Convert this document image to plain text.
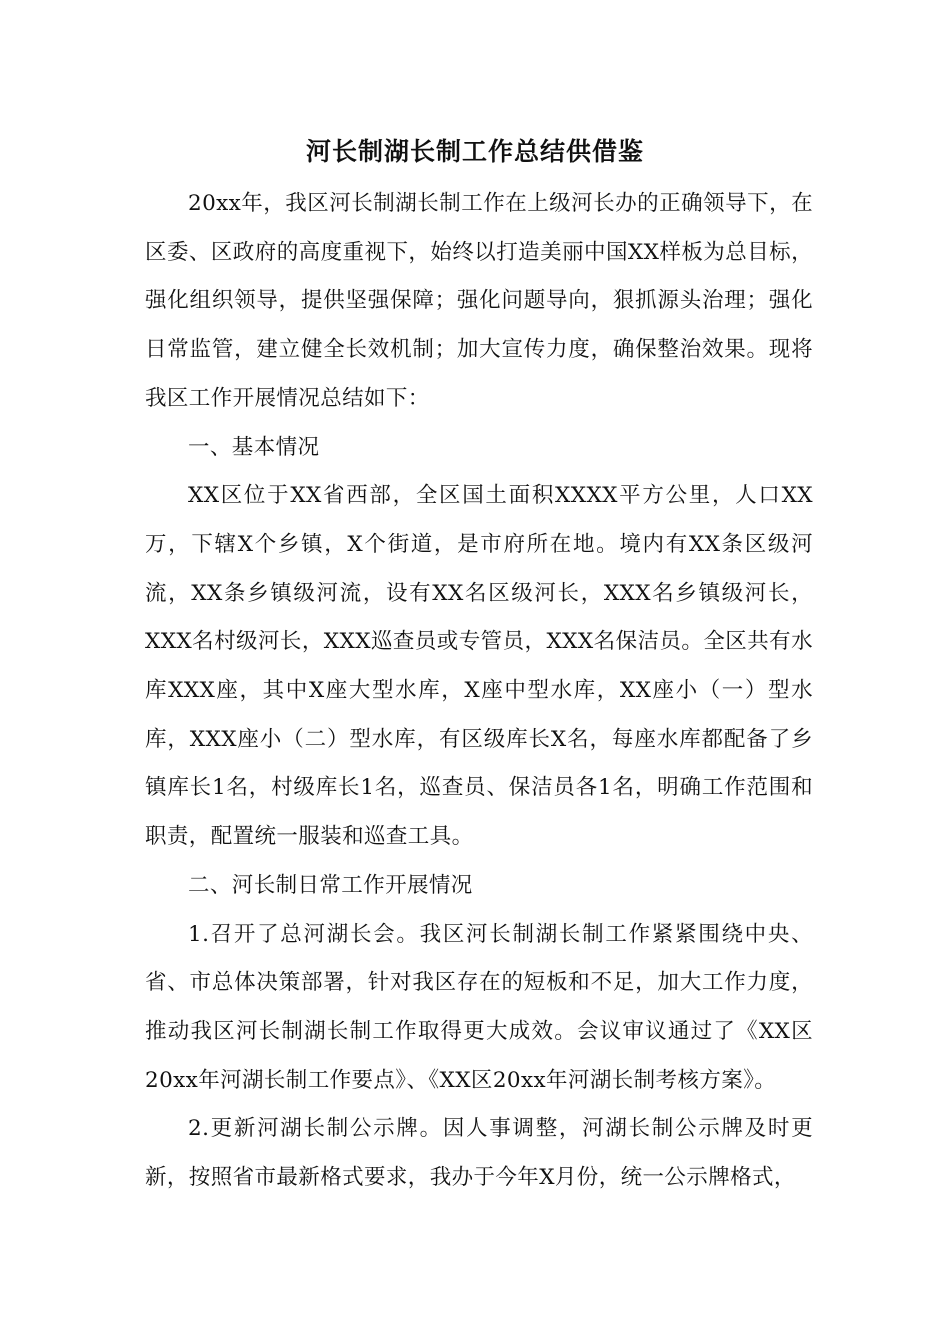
河长制湖长制工作总结供借鉴

20xx年，我区河长制湖长制工作在上级河长办的正确领导下，在区委、区政府的高度重视下，始终以打造美丽中国XX样板为总目标，强化组织领导，提供坚强保障；强化问题导向，狠抓源头治理；强化日常监管，建立健全长效机制；加大宣传力度，确保整治效果。现将我区工作开展情况总结如下：

一、基本情况

XX区位于XX省西部，全区国土面积XXXX平方公里，人口XX万，下辖X个乡镇，X个街道，是市府所在地。境内有XX条区级河流，XX条乡镇级河流，设有XX名区级河长，XXX名乡镇级河长，XXX名村级河长，XXX巡查员或专管员，XXX名保洁员。全区共有水库XXX座，其中X座大型水库，X座中型水库，XX座小（一）型水库，XXX座小（二）型水库，有区级库长X名，每座水库都配备了乡镇库长1名，村级库长1名，巡查员、保洁员各1名，明确工作范围和职责，配置统一服装和巡查工具。

二、河长制日常工作开展情况

1.召开了总河湖长会。我区河长制湖长制工作紧紧围绕中央、省、市总体决策部署，针对我区存在的短板和不足，加大工作力度，推动我区河长制湖长制工作取得更大成效。会议审议通过了《XX区20xx年河湖长制工作要点》、《XX区20xx年河湖长制考核方案》。

2.更新河湖长制公示牌。因人事调整，河湖长制公示牌及时更新，按照省市最新格式要求，我办于今年X月份，统一公示牌格式，
